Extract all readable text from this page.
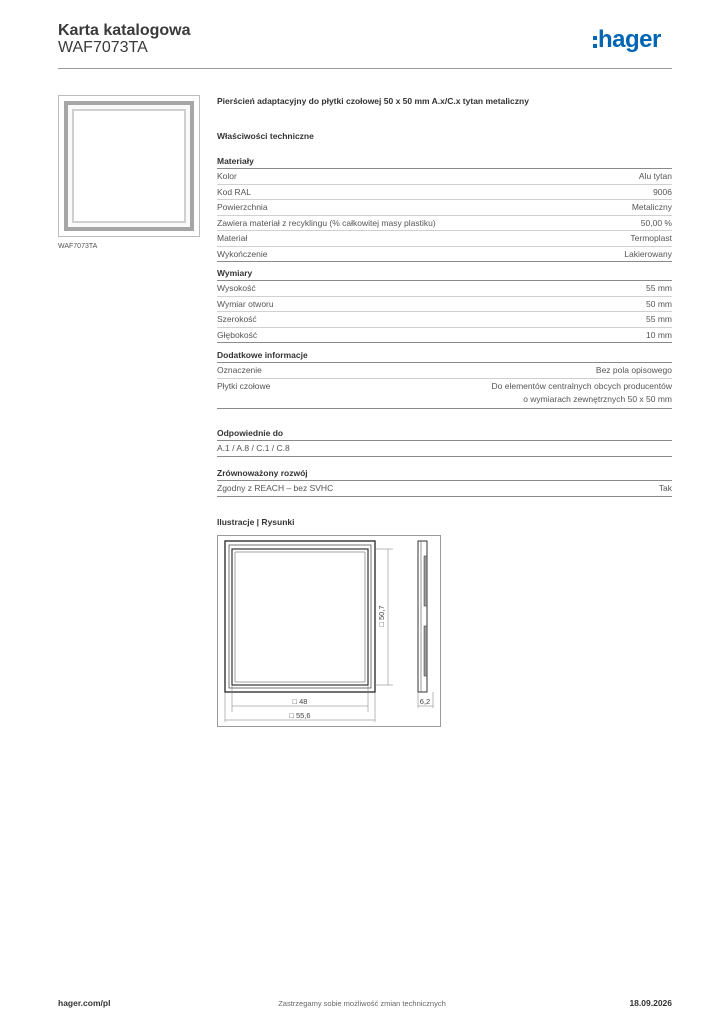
Karta katalogowa
WAF7073TA	hager
WAF7073TA
Pierścień adaptacyjny do płytki czołowej 50 x 50 mm A.x/C.x tytan metaliczny
Właściwości techniczne
Materiały
Kolor	Alu tytan
Kod RAL	9006
Powierzchnia	Metaliczny
Zawiera materiał z recyklingu (% całkowitej masy plastiku)	50,00 %
Materiał	Termoplast
Wykończenie	Lakierowany
Wymiary
Wysokość	55 mm
Wymiar otworu	50 mm
Szerokość	55 mm
Głębokość	10 mm
Dodatkowe informacje
Oznaczenie	Bez pola opisowego
Płytki czołowe	Do elementów centralnych obcych producentów
o wymiarach zewnętrznych 50 x 50 mm
Odpowiednie do
A.1 / A.8 / C.1 / C.8
Zrównoważony rozwój
Zgodny z REACH – bez SVHC	Tak
Ilustracje | Rysunki
□ 50,7
□ 48
□ 55,6
6,2
hager.com/pl	Zastrzegamy sobie możliwość zmian technicznych	18.09.2026
